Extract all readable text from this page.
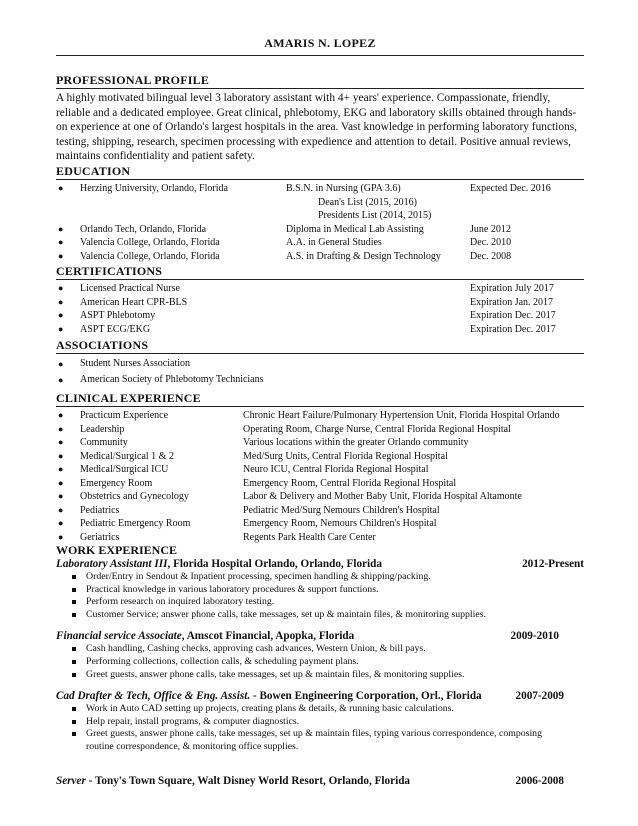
AMARIS N. LOPEZ
PROFESSIONAL PROFILE
A highly motivated bilingual level 3 laboratory assistant with 4+ years' experience. Compassionate, friendly, reliable and a dedicated employee. Great clinical, phlebotomy, EKG and laboratory skills obtained through hands-on experience at one of Orlando's largest hospitals in the area. Vast knowledge in performing laboratory functions, testing, shipping, research, specimen processing with expedience and attention to detail. Positive annual reviews, maintains confidentiality and patient safety.
EDUCATION
● Herzing University, Orlando, Florida	B.S.N. in Nursing (GPA 3.6)	Expected Dec. 2016
Dean's List (2015, 2016)
Presidents List (2014, 2015)
● Orlando Tech, Orlando, Florida	Diploma in Medical Lab Assisting	June 2012
● Valencia College, Orlando, Florida	A.A. in General Studies	Dec. 2010
● Valencia College, Orlando, Florida	A.S. in Drafting & Design Technology	Dec. 2008
CERTIFICATIONS
● Licensed Practical Nurse	Expiration July 2017
● American Heart CPR-BLS	Expiration Jan. 2017
● ASPT Phlebotomy	Expiration Dec. 2017
● ASPT ECG/EKG	Expiration Dec. 2017
ASSOCIATIONS
● Student Nurses Association
● American Society of Phlebotomy Technicians
CLINICAL EXPERIENCE
● Practicum Experience	Chronic Heart Failure/Pulmonary Hypertension Unit, Florida Hospital Orlando
● Leadership	Operating Room, Charge Nurse, Central Florida Regional Hospital
● Community	Various locations within the greater Orlando community
● Medical/Surgical 1 & 2	Med/Surg Units, Central Florida Regional Hospital
● Medical/Surgical ICU	Neuro ICU, Central Florida Regional Hospital
● Emergency Room	Emergency Room, Central Florida Regional Hospital
● Obstetrics and Gynecology	Labor & Delivery and Mother Baby Unit, Florida Hospital Altamonte
● Pediatrics	Pediatric Med/Surg Nemours Children's Hospital
● Pediatric Emergency Room	Emergency Room, Nemours Children's Hospital
● Geriatrics	Regents Park Health Care Center
WORK EXPERIENCE
Laboratory Assistant III, Florida Hospital Orlando, Orlando, Florida	2012-Present
Order/Entry in Sendout & Inpatient processing, specimen handling & shipping/packing.
Practical knowledge in various laboratory procedures & support functions.
Perform research on inquired laboratory testing.
Customer Service; answer phone calls, take messages, set up & maintain files, & monitoring supplies.
Financial service Associate, Amscot Financial, Apopka, Florida	2009-2010
Cash handling, Cashing checks, approving cash advances, Western Union, & bill pays.
Performing collections, collection calls, & scheduling payment plans.
Greet guests, answer phone calls, take messages, set up & maintain files, & monitoring supplies.
Cad Drafter & Tech, Office & Eng. Assist. - Bowen Engineering Corporation, Orl., Florida	2007-2009
Work in Auto CAD setting up projects, creating plans & details, & running basic calculations.
Help repair, install programs, & computer diagnostics.
Greet guests, answer phone calls, take messages, set up & maintain files, typing various correspondence, composing routine correspondence, & monitoring office supplies.
Server - Tony's Town Square, Walt Disney World Resort, Orlando, Florida	2006-2008
